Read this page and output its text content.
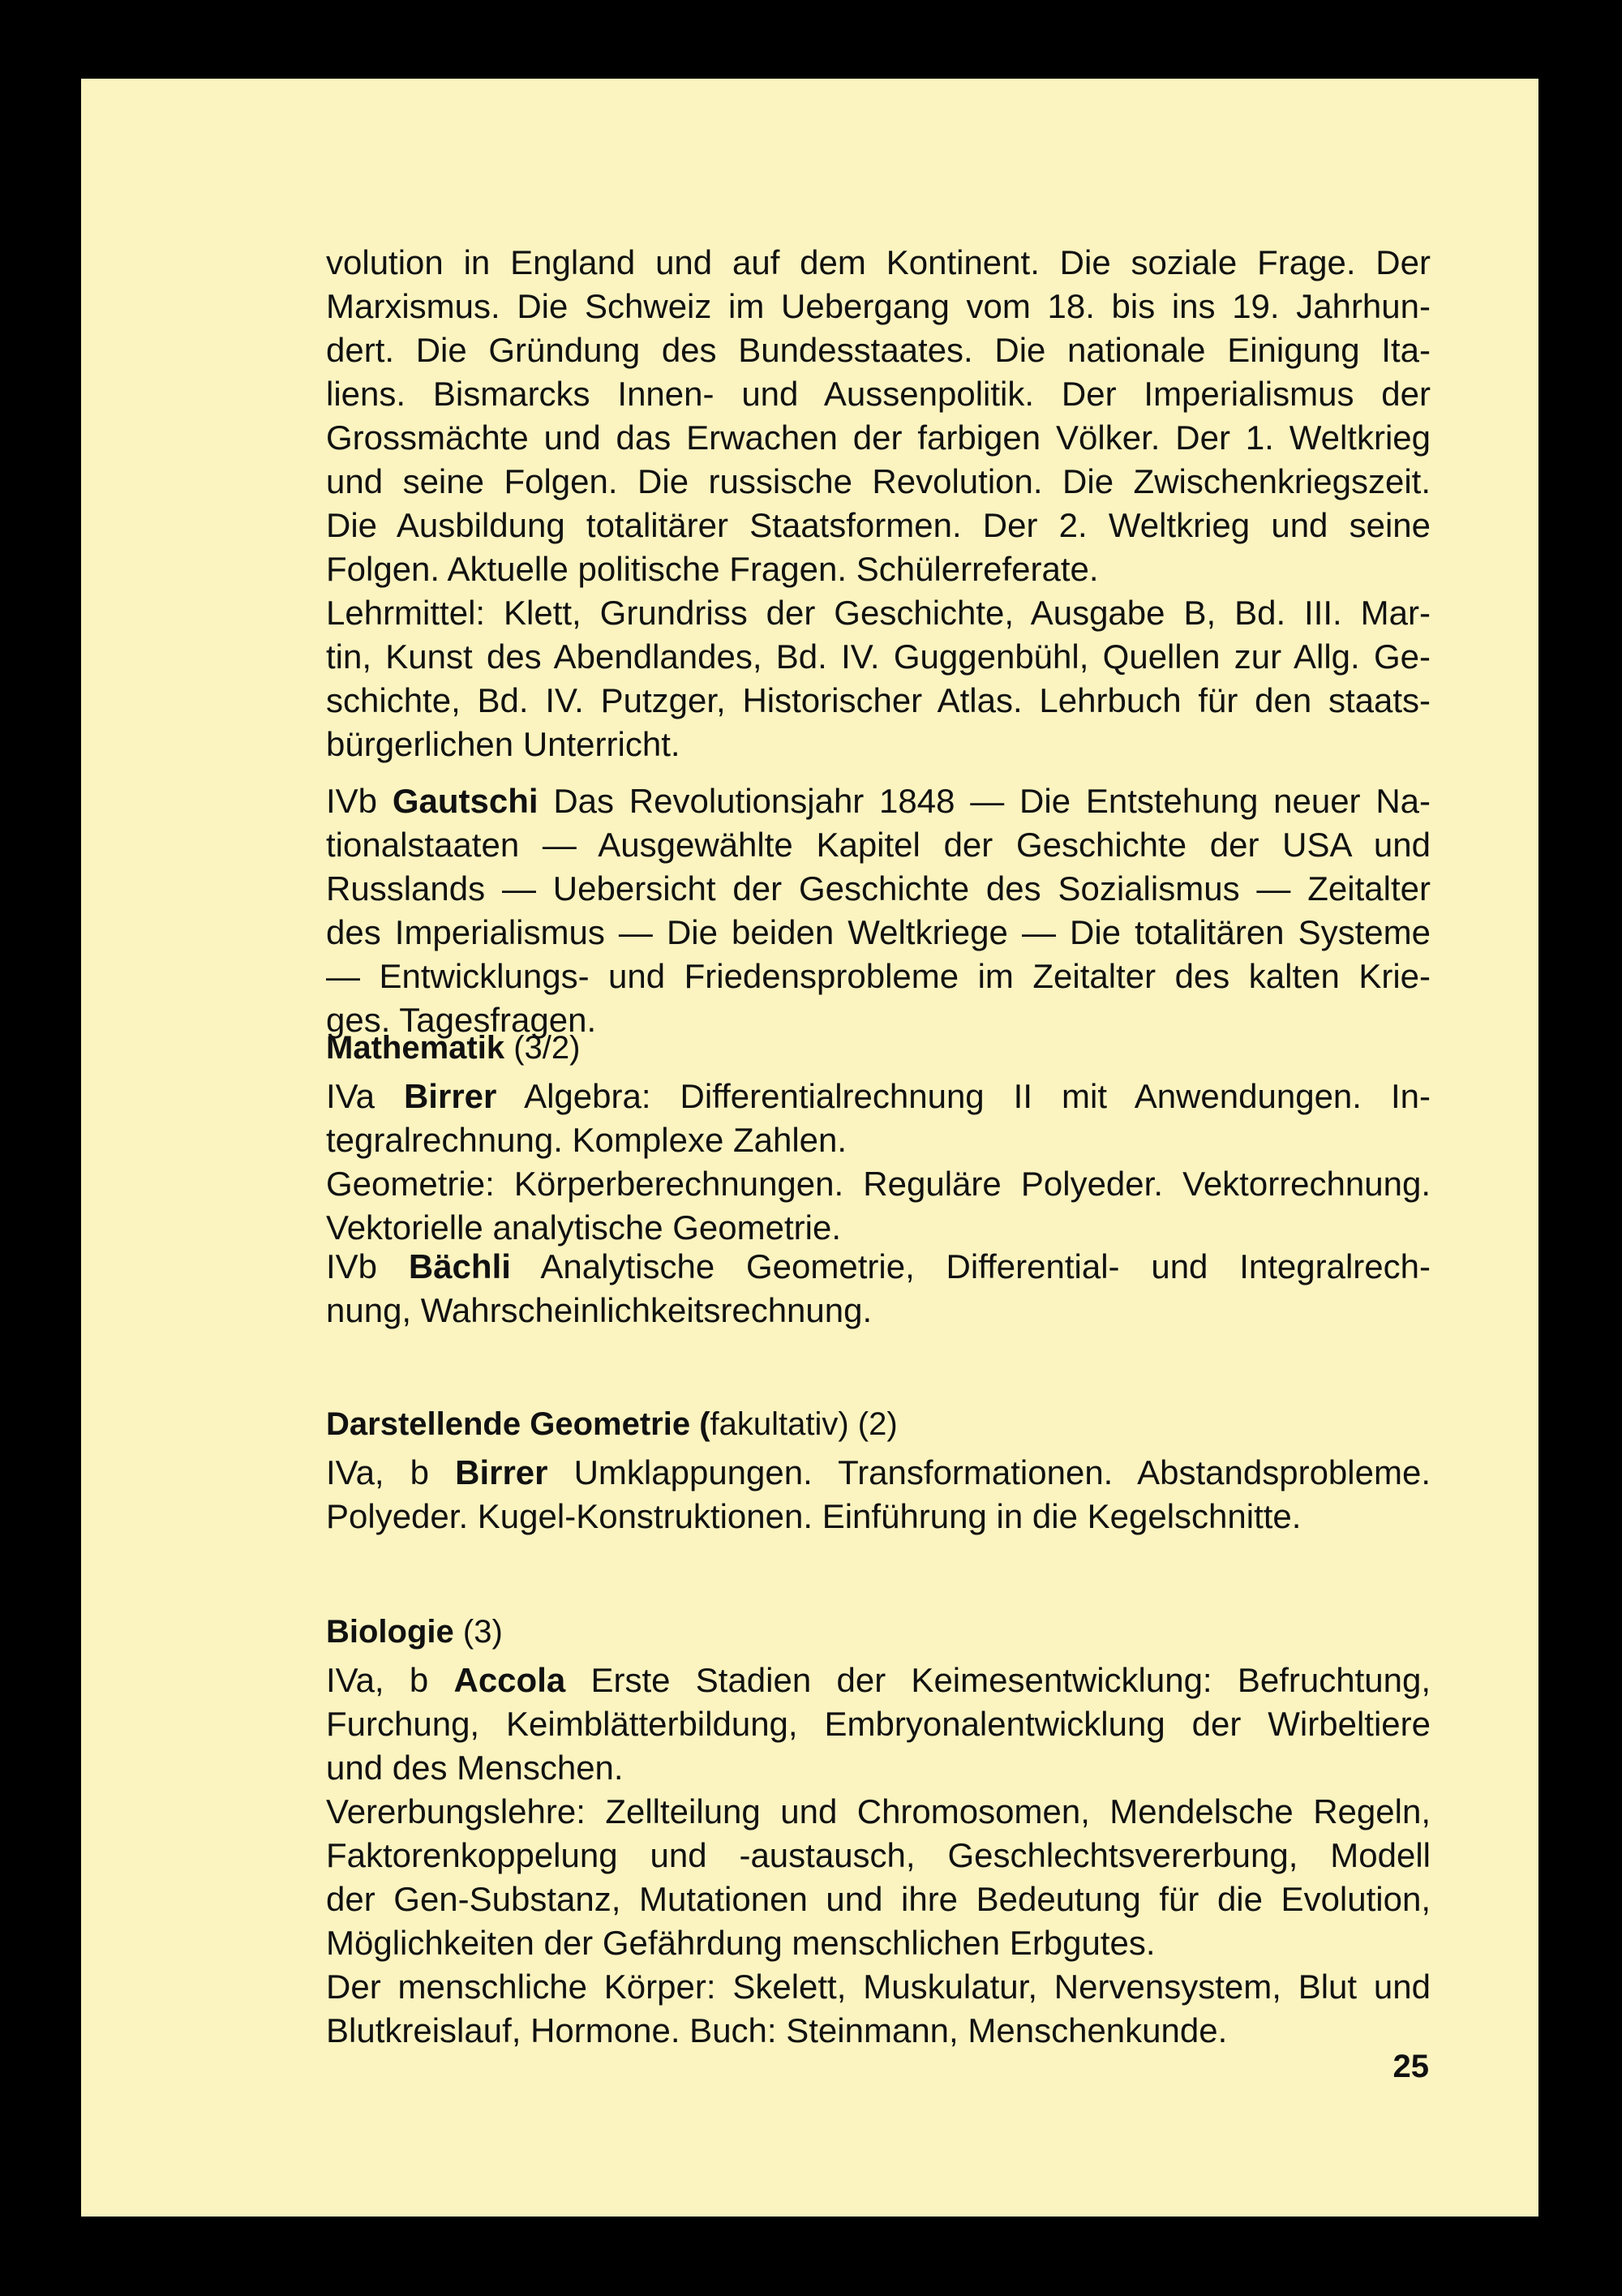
volution in England und auf dem Kontinent. Die soziale Frage. Der
Marxismus. Die Schweiz im Uebergang vom 18. bis ins 19. Jahrhun-
dert. Die Gründung des Bundesstaates. Die nationale Einigung Ita-
liens. Bismarcks Innen- und Aussenpolitik. Der Imperialismus der
Grossmächte und das Erwachen der farbigen Völker. Der 1. Weltkrieg
und seine Folgen. Die russische Revolution. Die Zwischenkriegszeit.
Die Ausbildung totalitärer Staatsformen. Der 2. Weltkrieg und seine
Folgen. Aktuelle politische Fragen. Schülerreferate.
Lehrmittel: Klett, Grundriss der Geschichte, Ausgabe B, Bd. III. Mar-
tin, Kunst des Abendlandes, Bd. IV. Guggenbühl, Quellen zur Allg. Ge-
schichte, Bd. IV. Putzger, Historischer Atlas. Lehrbuch für den staats-
bürgerlichen Unterricht.
IVb Gautschi Das Revolutionsjahr 1848 — Die Entstehung neuer Na-
tionalstaaten — Ausgewählte Kapitel der Geschichte der USA und
Russlands — Uebersicht der Geschichte des Sozialismus — Zeitalter
des Imperialismus — Die beiden Weltkriege — Die totalitären Systeme
— Entwicklungs- und Friedensprobleme im Zeitalter des kalten Krie-
ges. Tagesfragen.
Mathematik (3/2)
IVa Birrer Algebra: Differentialrechnung II mit Anwendungen. In-
tegralrechnung. Komplexe Zahlen.
Geometrie: Körperberechnungen. Reguläre Polyeder. Vektorrechnung.
Vektorielle analytische Geometrie.
IVb Bächli Analytische Geometrie, Differential- und Integralrech-
nung, Wahrscheinlichkeitsrechnung.
Darstellende Geometrie (fakultativ) (2)
IVa, b Birrer Umklappungen. Transformationen. Abstandsprobleme.
Polyeder. Kugel-Konstruktionen. Einführung in die Kegelschnitte.
Biologie (3)
IVa, b Accola Erste Stadien der Keimesentwicklung: Befruchtung,
Furchung, Keimblätterbildung, Embryonalentwicklung der Wirbeltiere
und des Menschen.
Vererbungslehre: Zellteilung und Chromosomen, Mendelsche Regeln,
Faktorenkoppelung und -austausch, Geschlechtsvererbung, Modell
der Gen-Substanz, Mutationen und ihre Bedeutung für die Evolution,
Möglichkeiten der Gefährdung menschlichen Erbgutes.
Der menschliche Körper: Skelett, Muskulatur, Nervensystem, Blut und
Blutkreislauf, Hormone. Buch: Steinmann, Menschenkunde.
25
